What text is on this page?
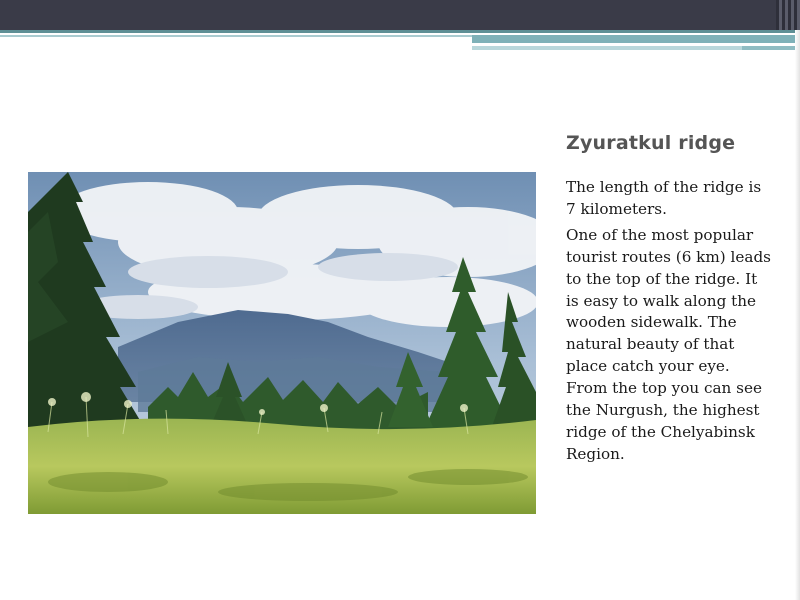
Zyuratkul ridge

The length of the ridge is 7 kilometers.

One of the most popular tourist routes (6 km) leads to the top of the ridge. It is easy to walk along the wooden sidewalk. The natural beauty of that place catch your eye. From the top you can see the Nurgush, the highest ridge of the Chelyabinsk Region.
